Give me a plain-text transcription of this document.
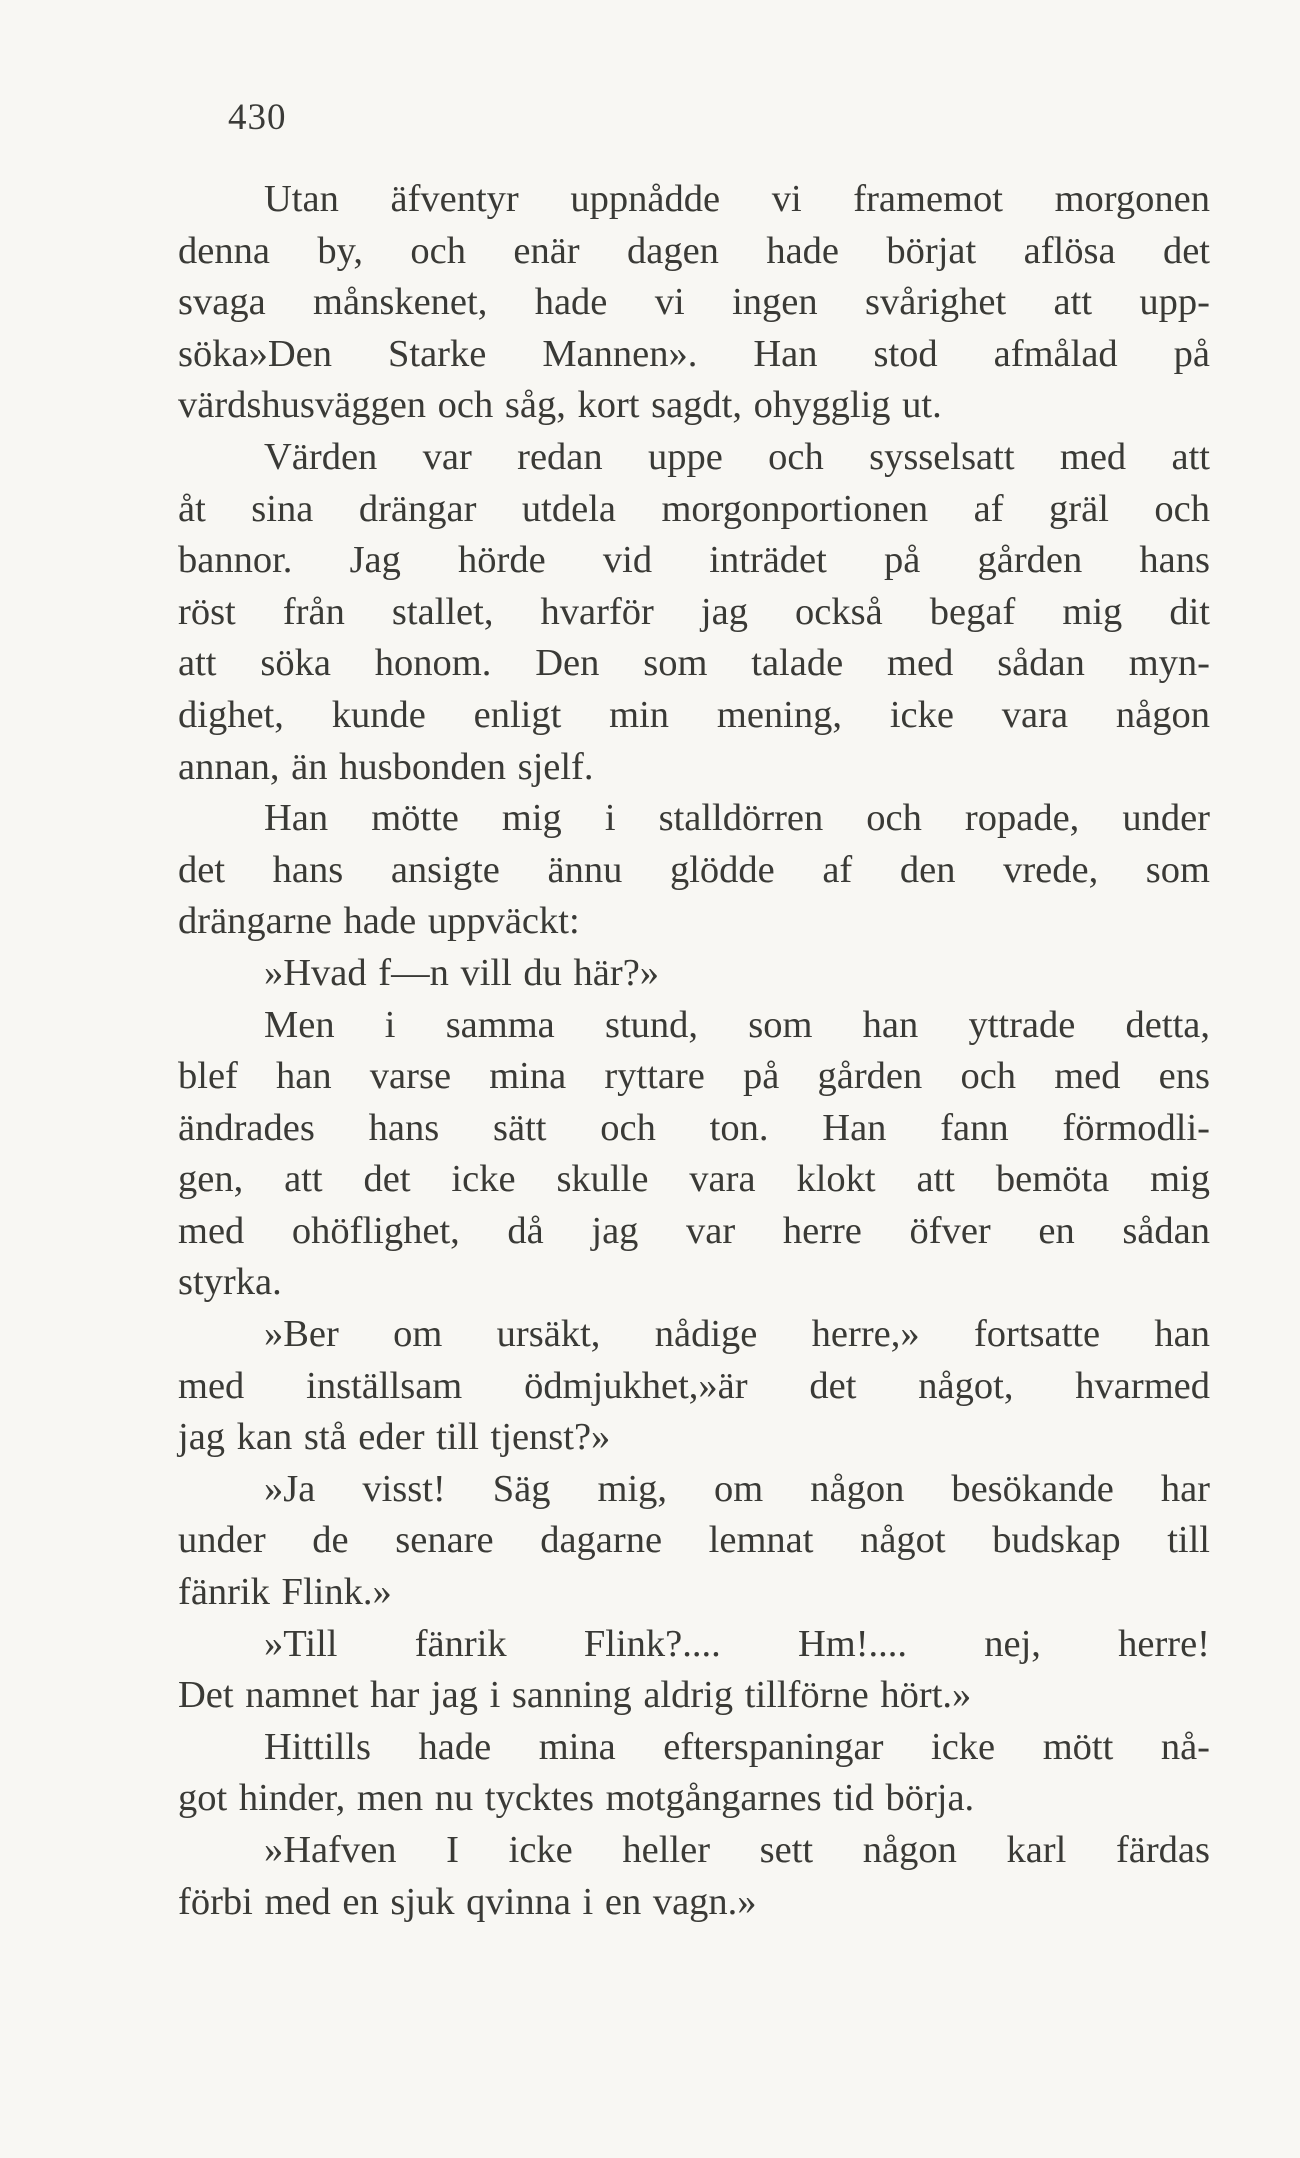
430
Utan äfventyr uppnådde vi framemot morgonen
denna by, och enär dagen hade börjat aflösa det
svaga månskenet, hade vi ingen svårighet att upp-
söka»Den Starke Mannen». Han stod afmålad på
värdshusväggen och såg, kort sagdt, ohygglig ut.
Värden var redan uppe och sysselsatt med att
åt sina drängar utdela morgonportionen af gräl och
bannor. Jag hörde vid inträdet på gården hans
röst från stallet, hvarför jag också begaf mig dit
att söka honom. Den som talade med sådan myn-
dighet, kunde enligt min mening, icke vara någon
annan, än husbonden sjelf.
Han mötte mig i stalldörren och ropade, under
det hans ansigte ännu glödde af den vrede, som
drängarne hade uppväckt:
»Hvad f—n vill du här?»
Men i samma stund, som han yttrade detta,
blef han varse mina ryttare på gården och med ens
ändrades hans sätt och ton. Han fann förmodli-
gen, att det icke skulle vara klokt att bemöta mig
med ohöflighet, då jag var herre öfver en sådan
styrka.
»Ber om ursäkt, nådige herre,» fortsatte han
med inställsam ödmjukhet,»är det något, hvarmed
jag kan stå eder till tjenst?»
»Ja visst! Säg mig, om någon besökande har
under de senare dagarne lemnat något budskap till
fänrik Flink.»
»Till fänrik Flink?.... Hm!.... nej, herre!
Det namnet har jag i sanning aldrig tillförne hört.»
Hittills hade mina efterspaningar icke mött nå-
got hinder, men nu tycktes motgångarnes tid börja.
»Hafven I icke heller sett någon karl färdas
förbi med en sjuk qvinna i en vagn.»
